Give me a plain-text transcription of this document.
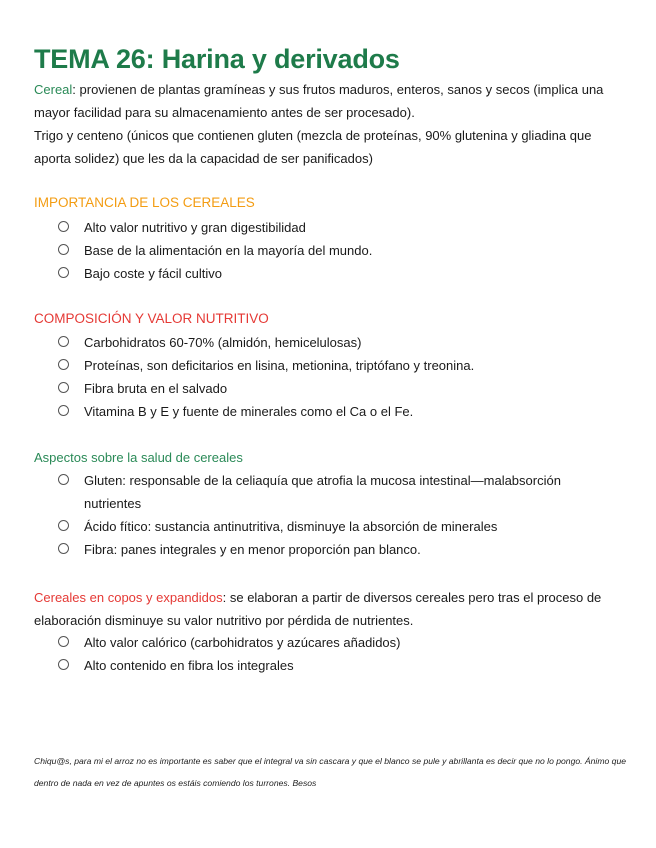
TEMA 26: Harina y derivados

Cereal: provienen de plantas gramíneas y sus frutos maduros, enteros, sanos y secos (implica una mayor facilidad para su almacenamiento antes de ser procesado).

Trigo y centeno (únicos que contienen gluten (mezcla de proteínas, 90% glutenina y gliadina que aporta solidez) que les da la capacidad de ser panificados)

IMPORTANCIA DE LOS CEREALES
Alto valor nutritivo y gran digestibilidad
Base de la alimentación en la mayoría del mundo.
Bajo coste y fácil cultivo
COMPOSICIÓN Y VALOR NUTRITIVO
Carbohidratos 60-70% (almidón, hemicelulosas)
Proteínas, son deficitarios en lisina, metionina, triptófano y treonina.
Fibra bruta en el salvado
Vitamina B y E y fuente de minerales como el Ca o el Fe.
Aspectos sobre la salud de cereales
Gluten: responsable de la celiaquía que atrofia la mucosa intestinal—malabsorción nutrientes
Ácido fítico: sustancia antinutritiva, disminuye la absorción de minerales
Fibra: panes integrales y en menor proporción pan blanco.

Cereales en copos y expandidos: se elaboran a partir de diversos cereales pero tras el proceso de elaboración disminuye su valor nutritivo por pérdida de nutrientes.

Alto valor calórico (carbohidratos y azúcares añadidos)
Alto contenido en fibra los integrales
Chiqu@s, para mi el arroz no es importante es saber que el integral va sin cascara y que el blanco se pule y abrillanta es decir que no lo pongo. Ánimo que dentro de nada en vez de apuntes os estáis comiendo los turrones. Besos
